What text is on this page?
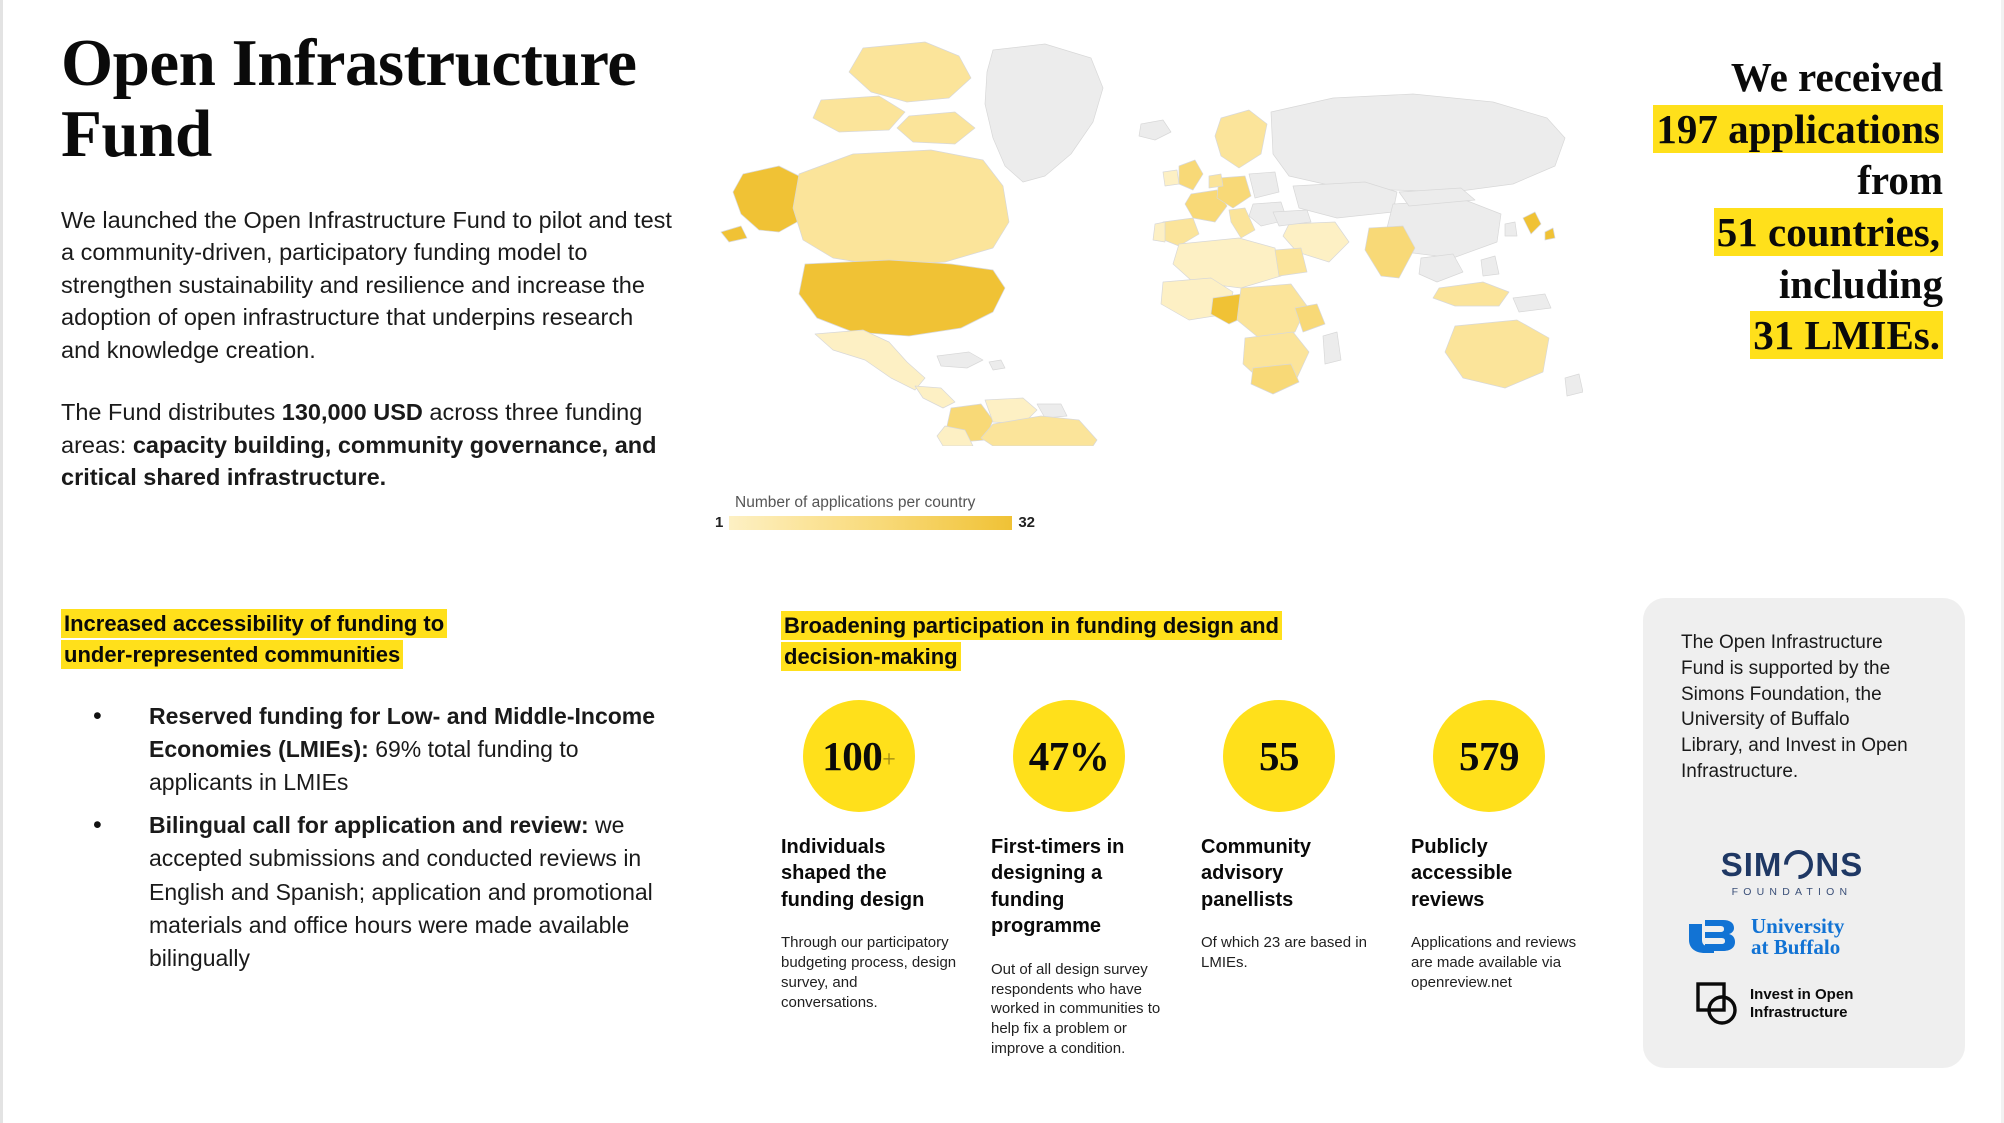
Open Infrastructure Fund

We launched the Open Infrastructure Fund to pilot and test a community-driven, participatory funding model to strengthen sustainability and resilience and increase the adoption of open infrastructure that underpins research and knowledge creation.

The Fund distributes 130,000 USD across three funding areas: capacity building, community governance, and critical shared infrastructure.

Number of applications per country
1	32
We received
197 applications
from
51 countries,
including
31 LMIEs.
Increased accessibility of funding to
under-represented communities
• Reserved funding for Low- and Middle-Income Economies (LMIEs): 69% total funding to applicants in LMIEs
• Bilingual call for application and review: we accepted submissions and conducted reviews in English and Spanish; application and promotional materials and office hours were made available bilingually
Broadening participation in funding design and
decision-making
100 +
Individuals shaped the funding design
Through our participatory budgeting process, design survey, and conversations.
47%
First-timers in designing a funding programme
Out of all design survey respondents who have worked in communities to help fix a problem or improve a condition.
55
Community advisory panellists
Of which 23 are based in LMIEs.
579
Publicly accessible reviews
Applications and reviews are made available via openreview.net
The Open Infrastructure Fund is supported by the Simons Foundation, the University of Buffalo Library, and Invest in Open Infrastructure.
SIM NS
FOUNDATION
University
at Buffalo
Invest in Open
Infrastructure
